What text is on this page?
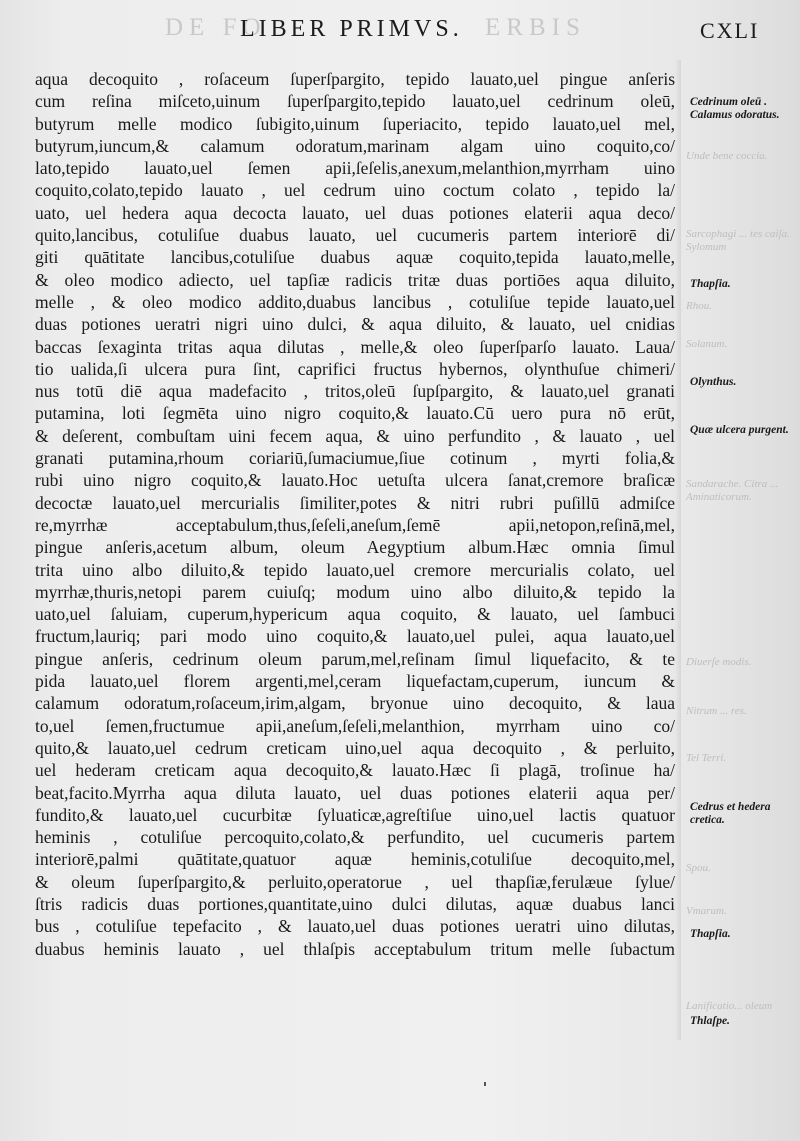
DE FO	ERBIS
LIBER PRIMVS.	CXLI
aqua decoquito , roſaceum ſuperſpargito, tepido lauato,uel pingue anſeris
cum reſina miſceto,uinum ſuperſpargito,tepido lauato,uel cedrinum oleū,
butyrum melle modico ſubigito,uinum ſuperiacito, tepido lauato,uel mel,
butyrum,iuncum,& calamum odoratum,marinam algam uino coquito,co/
lato,tepido lauato,uel ſemen apii,ſeſelis,anexum,melanthion,myrrham uino
coquito,colato,tepido lauato , uel cedrum uino coctum colato , tepido la/
uato, uel hedera aqua decocta lauato, uel duas potiones elaterii aqua deco/
quito,lancibus, cotuliſue duabus lauato, uel cucumeris partem interiorē di/
giti quātitate lancibus,cotuliſue duabus aquæ coquito,tepida lauato,melle,
& oleo modico adiecto, uel tapſiæ radicis tritæ duas portiōes aqua diluito,
melle , & oleo modico addito,duabus lancibus , cotuliſue tepide lauato,uel
duas potiones ueratri nigri uino dulci, & aqua diluito, & lauato, uel cnidias
baccas ſexaginta tritas aqua dilutas , melle,& oleo ſuperſparſo lauato. Laua/
tio ualida,ſi ulcera pura ſint, caprifici fructus hybernos, olynthuſue chimeri/
nus totū diē aqua madefacito , tritos,oleū ſupſpargito, & lauato,uel granati
putamina, loti ſegmēta uino nigro coquito,& lauato.Cū uero pura nō erūt,
& deſerent, combuſtam uini fecem aqua, & uino perfundito , & lauato , uel
granati putamina,rhoum coriariū,ſumaciumue,ſiue cotinum , myrti folia,&
rubi uino nigro coquito,& lauato.Hoc uetuſta ulcera ſanat,cremore braſicæ
decoctæ lauato,uel mercurialis ſimiliter,potes & nitri rubri puſillū admiſce
re,myrrhæ acceptabulum,thus,ſeſeli,aneſum,ſemē apii,netopon,reſinā,mel,
pingue anſeris,acetum album, oleum Aegyptium album.Hæc omnia ſimul
trita uino albo diluito,& tepido lauato,uel cremore mercurialis colato, uel
myrrhæ,thuris,netopi parem cuiuſq; modum uino albo diluito,& tepido la
uato,uel ſaluiam, cuperum,hypericum aqua coquito, & lauato, uel ſambuci
fructum,lauriq; pari modo uino coquito,& lauato,uel pulei, aqua lauato,uel
pingue anſeris, cedrinum oleum parum,mel,reſinam ſimul liquefacito, & te
pida lauato,uel florem argenti,mel,ceram liquefactam,cuperum, iuncum &
calamum odoratum,roſaceum,irim,algam, bryonue uino decoquito, & laua
to,uel ſemen,fructumue apii,aneſum,ſeſeli,melanthion, myrrham uino co/
quito,& lauato,uel cedrum creticam uino,uel aqua decoquito , & perluito,
uel hederam creticam aqua decoquito,& lauato.Hæc ſi plagā, troſinue ha/
beat,facito.Myrrha aqua diluta lauato, uel duas potiones elaterii aqua per/
fundito,& lauato,uel cucurbitæ ſyluaticæ,agreſtiſue uino,uel lactis quatuor
heminis , cotuliſue percoquito,colato,& perfundito, uel cucumeris partem
interiorē,palmi quātitate,quatuor aquæ heminis,cotuliſue decoquito,mel,
& oleum ſuperſpargito,& perluito,operatorue , uel thapſiæ,ferulæue ſylue/
ſtris radicis duas portiones,quantitate,uino dulci dilutas, aquæ duabus lanci
bus , cotuliſue tepefacito , & lauato,uel duas potiones ueratri uino dilutas,
duabus heminis lauato , uel thlaſpis acceptabulum tritum melle ſubactum
Unde bene coccia.
Sarcophagi ... tes caiſa. Sylomum
Rhou.
Solanum.
Sandarache. Citra ... Aminaticorum.
Diuerſe modis.
Nitrum ... res.
Tel Terri.
Spou.
Vmarum.
Lanificatio... oleum
Cedrinum oleū . Calamus odoratus.
Thapſia.
Olynthus.
Quæ ulcera purgent.
Cedrus et hedera cretica.
Thapſia.
Thlaſpe.
